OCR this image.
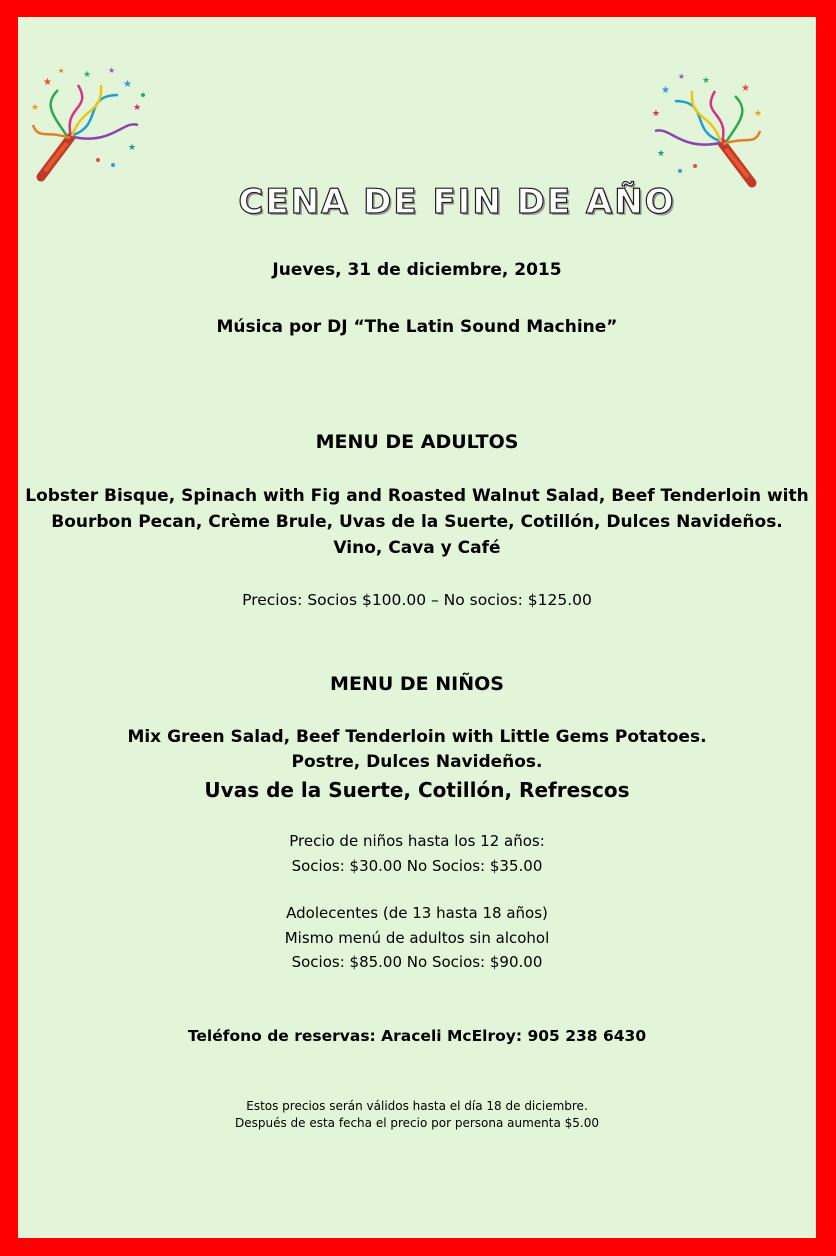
★
★
★
★
★
★
★
★
★
★
★
★	★
★
★
CENA DE FIN DE AÑO
Jueves, 31 de diciembre, 2015
Música por DJ “The Latin Sound Machine”
MENU DE ADULTOS
Lobster Bisque, Spinach with Fig and Roasted Walnut Salad, Beef Tenderloin with
Bourbon Pecan, Crème Brule, Uvas de la Suerte, Cotillón, Dulces Navideños.
Vino, Cava y Café
Precios: Socios $100.00 – No socios: $125.00
MENU DE NIÑOS
Mix Green Salad, Beef Tenderloin with Little Gems Potatoes.
Postre, Dulces Navideños.
Uvas de la Suerte, Cotillón, Refrescos
Precio de niños hasta los 12 años:
Socios: $30.00 No Socios: $35.00
Adolecentes (de 13 hasta 18 años)
Mismo menú de adultos sin alcohol
Socios: $85.00 No Socios: $90.00
Teléfono de reservas: Araceli McElroy: 905 238 6430
Estos precios serán válidos hasta el día 18 de diciembre.
Después de esta fecha el precio por persona aumenta $5.00
